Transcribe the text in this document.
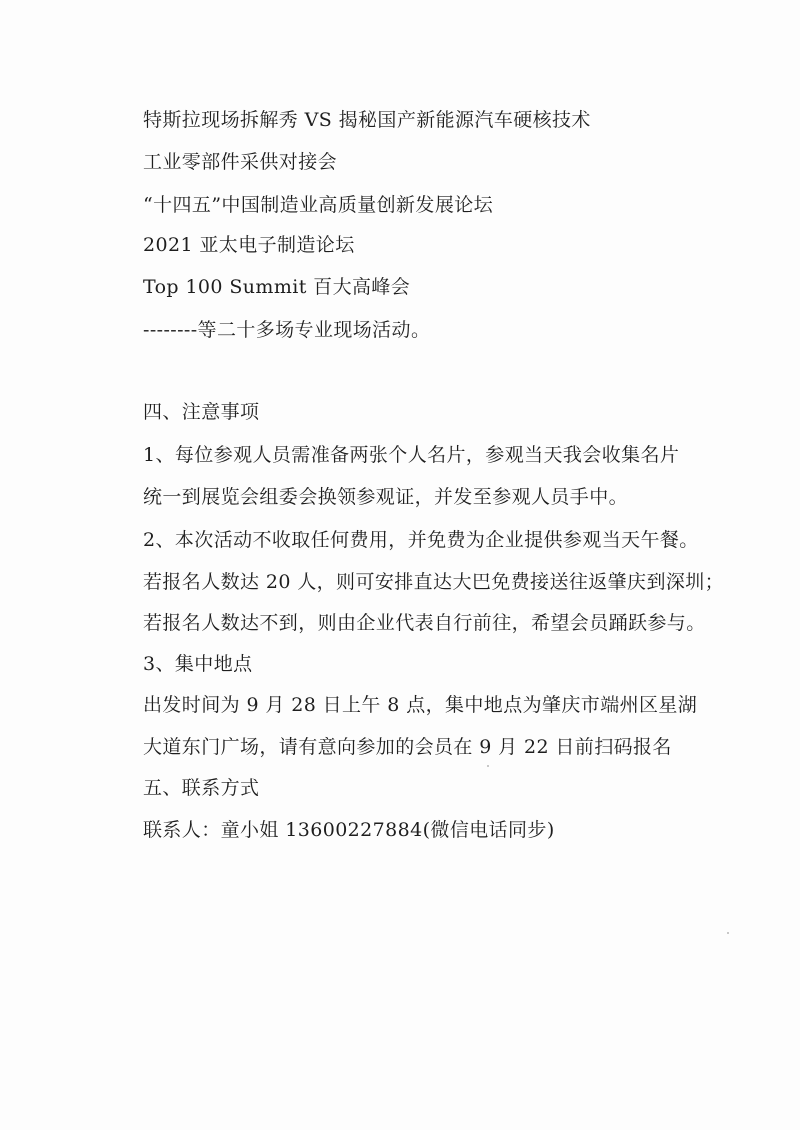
特斯拉现场拆解秀 VS 揭秘国产新能源汽车硬核技术
工业零部件采供对接会
“十四五”中国制造业高质量创新发展论坛
2021 亚太电子制造论坛
Top 100 Summit 百大高峰会
--------等二十多场专业现场活动。
四、注意事项
1、每位参观人员需准备两张个人名片，参观当天我会收集名片
统一到展览会组委会换领参观证，并发至参观人员手中。
2、本次活动不收取任何费用，并免费为企业提供参观当天午餐。
若报名人数达 20 人，则可安排直达大巴免费接送往返肇庆到深圳；
若报名人数达不到，则由企业代表自行前往，希望会员踊跃参与。
3、集中地点
出发时间为 9 月 28 日上午 8 点，集中地点为肇庆市端州区星湖
大道东门广场，请有意向参加的会员在 9 月 22 日前扫码报名
五、联系方式
联系人：童小姐 13600227884(微信电话同步)
